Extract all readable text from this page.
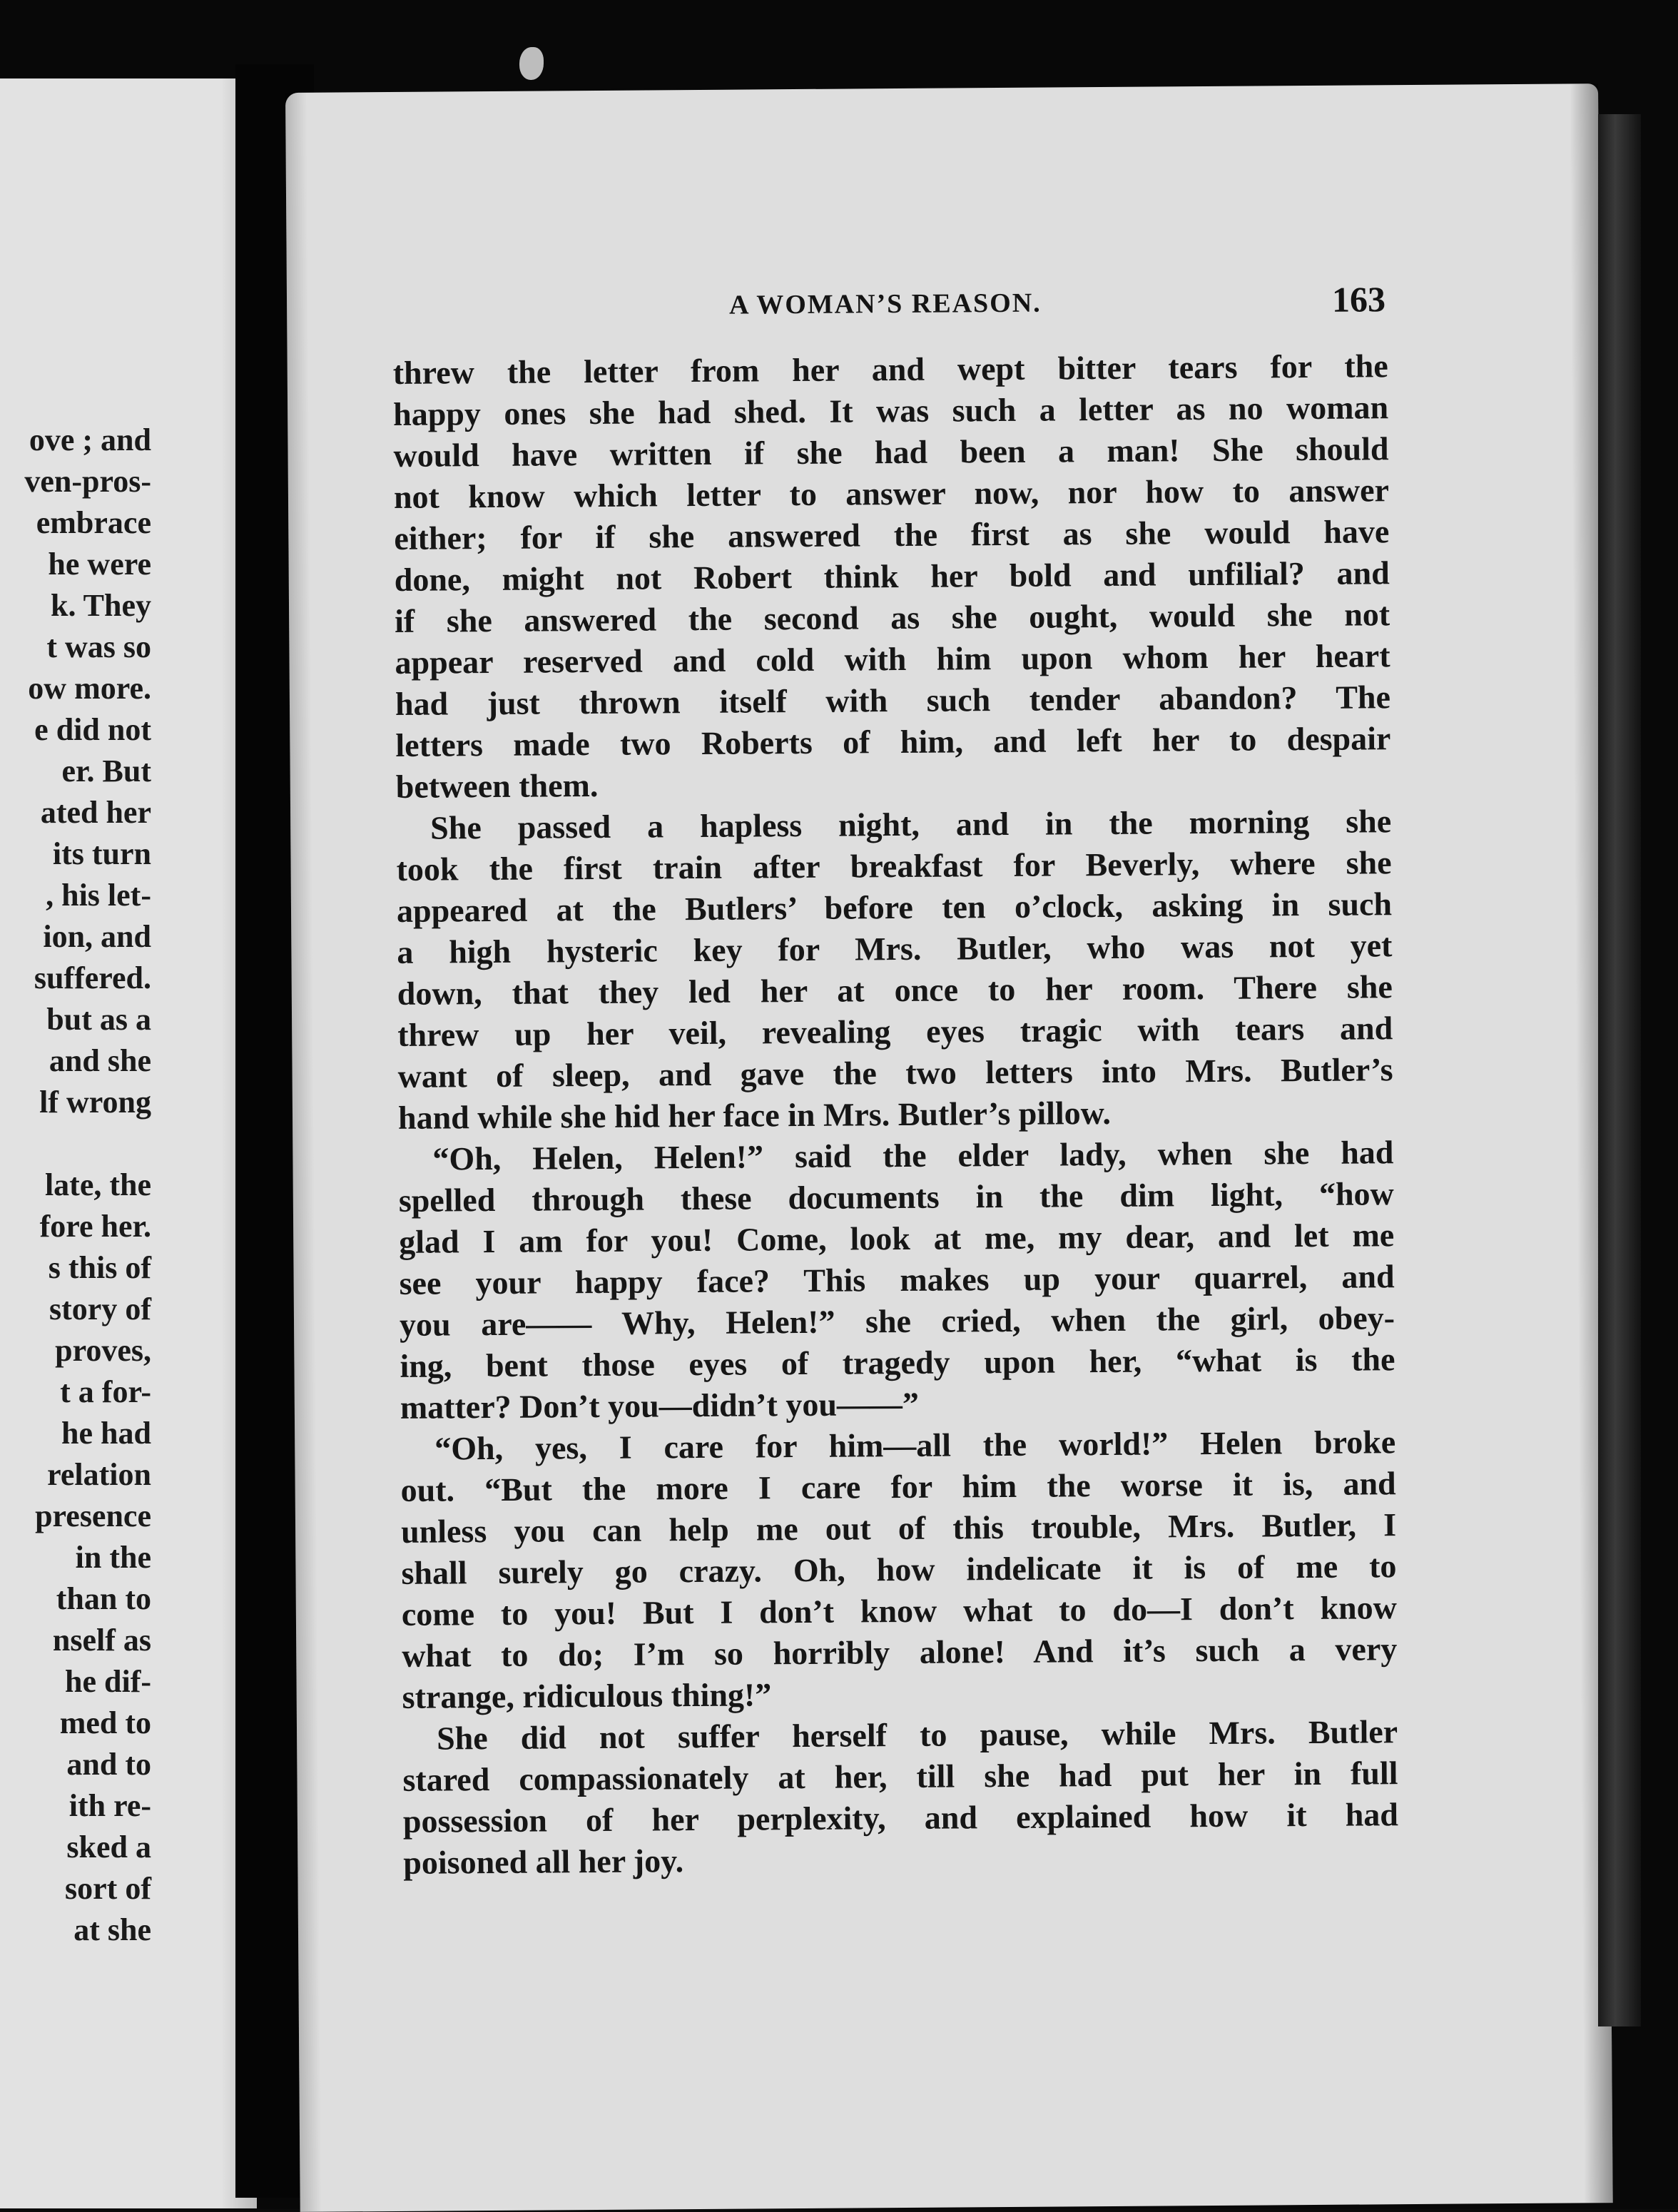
ove ; and
ven-pros-
embrace
he were
k. They
t was so
ow more.
e did not
er. But
ated her
its turn
, his let-
ion, and
suffered.
but as a
and she
lf wrong
late, the
fore her.
s this of
story of
proves,
t a for-
he had
relation
presence
in the
than to
nself as
he dif-
med to
and to
ith re-
sked a
sort of
at she
A WOMAN’S REASON.	163
threw the letter from her and wept bitter tears for the
happy ones she had shed. It was such a letter as no woman
would have written if she had been a man! She should
not know which letter to answer now, nor how to answer
either; for if she answered the first as she would have
done, might not Robert think her bold and unfilial? and
if she answered the second as she ought, would she not
appear reserved and cold with him upon whom her heart
had just thrown itself with such tender abandon? The
letters made two Roberts of him, and left her to despair
between them.
She passed a hapless night, and in the morning she
took the first train after breakfast for Beverly, where she
appeared at the Butlers’ before ten o’clock, asking in such
a high hysteric key for Mrs. Butler, who was not yet
down, that they led her at once to her room. There she
threw up her veil, revealing eyes tragic with tears and
want of sleep, and gave the two letters into Mrs. Butler’s
hand while she hid her face in Mrs. Butler’s pillow.
“Oh, Helen, Helen!” said the elder lady, when she had
spelled through these documents in the dim light, “how
glad I am for you! Come, look at me, my dear, and let me
see your happy face? This makes up your quarrel, and
you are—— Why, Helen!” she cried, when the girl, obey-
ing, bent those eyes of tragedy upon her, “what is the
matter? Don’t you—didn’t you——”
“Oh, yes, I care for him—all the world!” Helen broke
out. “But the more I care for him the worse it is, and
unless you can help me out of this trouble, Mrs. Butler, I
shall surely go crazy. Oh, how indelicate it is of me to
come to you! But I don’t know what to do—I don’t know
what to do; I’m so horribly alone! And it’s such a very
strange, ridiculous thing!”
She did not suffer herself to pause, while Mrs. Butler
stared compassionately at her, till she had put her in full
possession of her perplexity, and explained how it had
poisoned all her joy.
